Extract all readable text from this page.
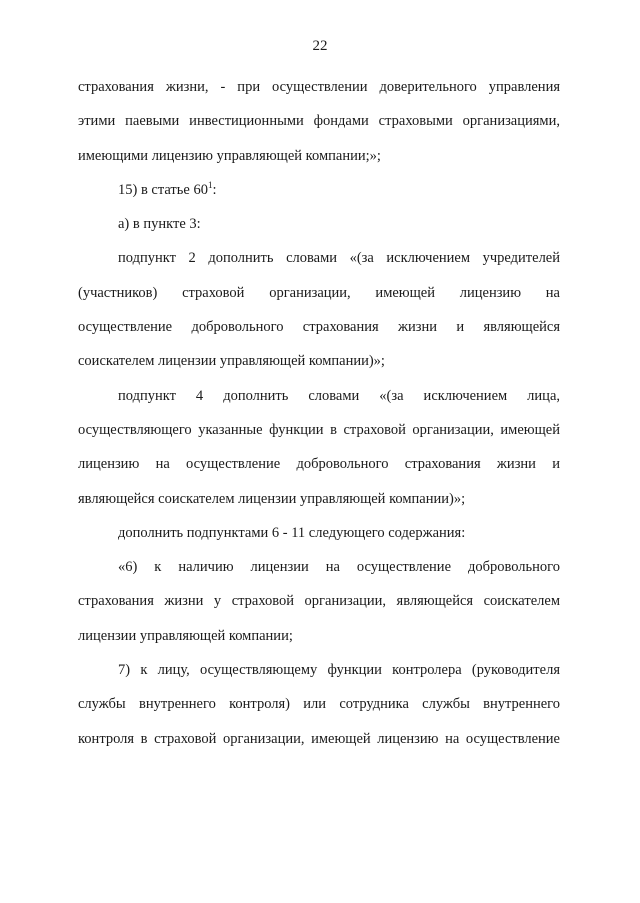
22
страхования жизни, - при осуществлении доверительного управления
этими паевыми инвестиционными фондами страховыми организациями,
имеющими лицензию управляющей компании;»;
15) в статье $60^1$:
а) в пункте 3:
подпункт 2 дополнить словами «(за исключением учредителей
(участников) страховой организации, имеющей лицензию на
осуществление добровольного страхования жизни и являющейся
соискателем лицензии управляющей компании)»;
подпункт 4 дополнить словами «(за исключением лица,
осуществляющего указанные функции в страховой организации, имеющей
лицензию на осуществление добровольного страхования жизни и
являющейся соискателем лицензии управляющей компании)»;
дополнить подпунктами 6 - 11 следующего содержания:
«6) к наличию лицензии на осуществление добровольного
страхования жизни у страховой организации, являющейся соискателем
лицензии управляющей компании;
7) к лицу, осуществляющему функции контролера (руководителя
службы внутреннего контроля) или сотрудника службы внутреннего
контроля в страховой организации, имеющей лицензию на осуществление
